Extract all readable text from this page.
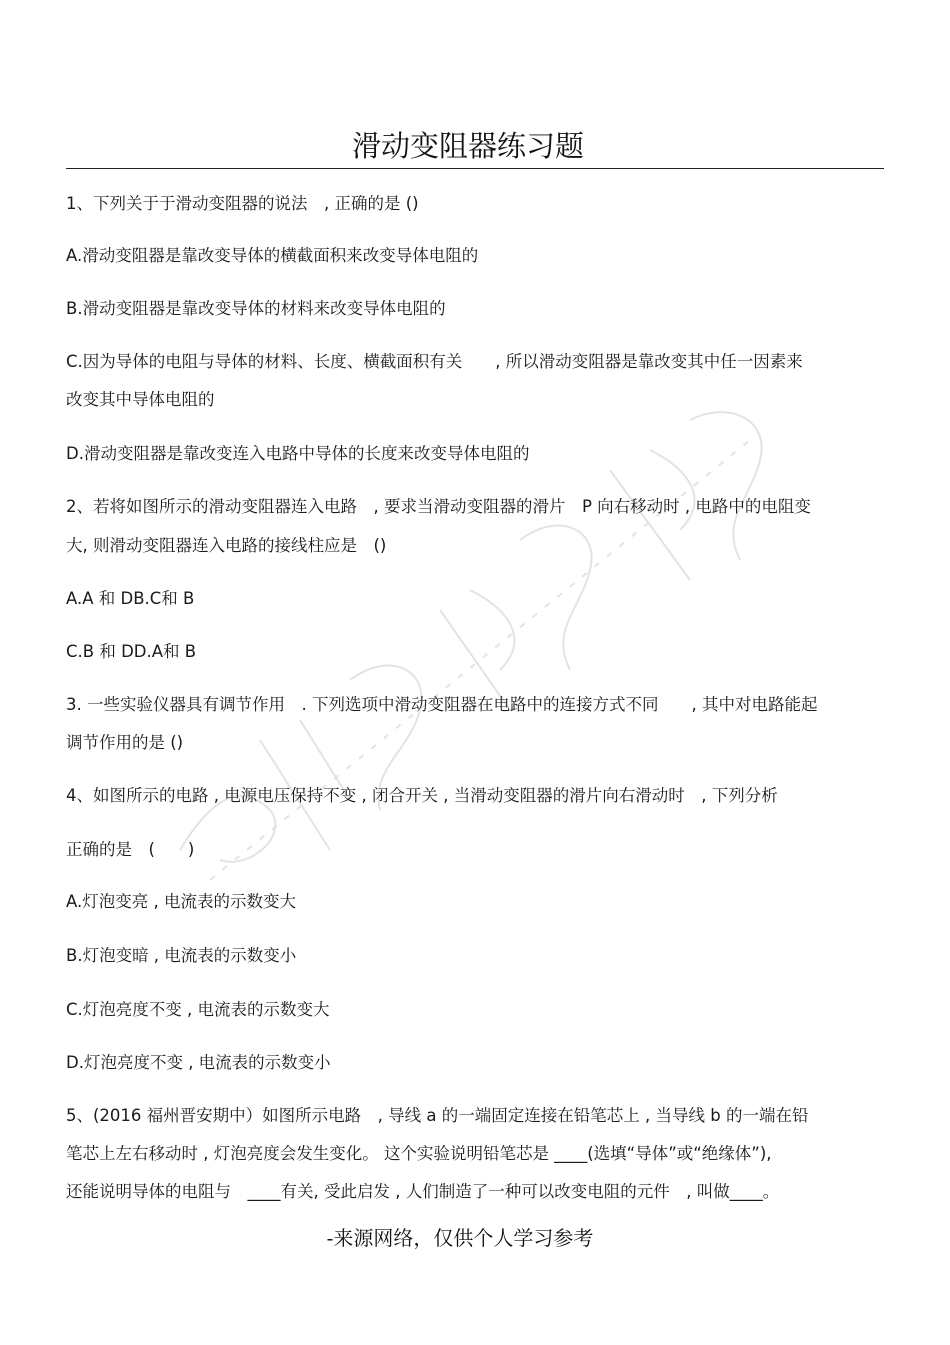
滑动变阻器练习题
1、下列关于于滑动变阻器的说法　, 正确的是 ()
A.滑动变阻器是靠改变导体的横截面积来改变导体电阻的
B.滑动变阻器是靠改变导体的材料来改变导体电阻的
C.因为导体的电阻与导体的材料、长度、横截面积有关　　, 所以滑动变阻器是靠改变其中任一因素来
改变其中导体电阻的
D.滑动变阻器是靠改变连入电路中导体的长度来改变导体电阻的
2、若将如图所示的滑动变阻器连入电路　, 要求当滑动变阻器的滑片　P 向右移动时 , 电路中的电阻变
大, 则滑动变阻器连入电路的接线柱应是　()
A.A 和 DB.C和 B
C.B 和 DD.A和 B
3. 一些实验仪器具有调节作用　. 下列选项中滑动变阻器在电路中的连接方式不同　　, 其中对电路能起
调节作用的是 ()
4、如图所示的电路 , 电源电压保持不变 , 闭合开关 , 当滑动变阻器的滑片向右滑动时　, 下列分析
正确的是　(　　)
A.灯泡变亮 , 电流表的示数变大
B.灯泡变暗 , 电流表的示数变小
C.灯泡亮度不变 , 电流表的示数变大
D.灯泡亮度不变 , 电流表的示数变小
5、(2016 福州晋安期中）如图所示电路　, 导线 a 的一端固定连接在铅笔芯上 , 当导线 b 的一端在铅
笔芯上左右移动时 , 灯泡亮度会发生变化。 这个实验说明铅笔芯是 ____(选填“导体”或“绝缘体”),
还能说明导体的电阻与　____有关, 受此启发 , 人们制造了一种可以改变电阻的元件　, 叫做____。
-来源网络，仅供个人学习参考
